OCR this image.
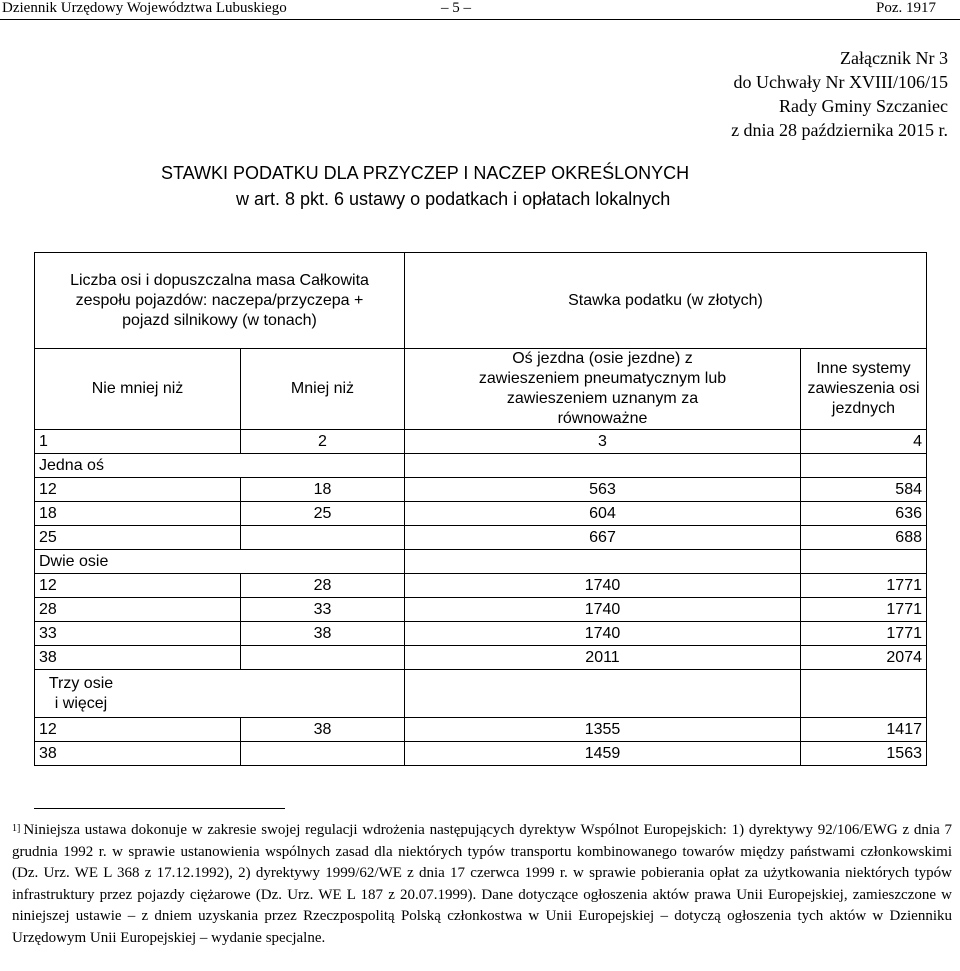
Dziennik Urzędowy Województwa Lubuskiego	– 5 –	Poz. 1917
Załącznik Nr 3
do Uchwały Nr XVIII/106/15
Rady Gminy Szczaniec
z dnia 28 października 2015 r.
STAWKI PODATKU DLA PRZYCZEP I NACZEP OKREŚLONYCH
w art. 8 pkt. 6 ustawy o podatkach i opłatach lokalnych
Liczba osi i dopuszczalna masa Całkowita zespołu pojazdów: naczepa/przyczepa + pojazd silnikowy (w tonach)		Stawka podatku (w złotych)	
Nie mniej niż	Mniej niż	Oś jezdna (osie jezdne) z zawieszeniem pneumatycznym lub zawieszeniem uznanym za równoważne	Inne systemy zawieszenia osi jezdnych
1	2	3	4
Jedna oś			
12	18	563	584
18	25	604	636
25		667	688
Dwie osie			
12	28	1740	1771
28	33	1740	1771
33	38	1740	1771
38		2011	2074

Trzy osie
i więcej			

12	38	1355	1417
38		1459	1563
$^{1]}$ Niniejsza ustawa dokonuje w zakresie swojej regulacji wdrożenia następujących dyrektyw Wspólnot Europejskich: 1) dyrektywy 92/106/EWG z dnia 7 grudnia 1992 r. w sprawie ustanowienia wspólnych zasad dla niektórych typów transportu kombinowanego towarów między państwami członkowskimi (Dz. Urz. WE L 368 z 17.12.1992), 2) dyrektywy 1999/62/WE z dnia 17 czerwca 1999 r. w sprawie pobierania opłat za użytkowania niektórych typów infrastruktury przez pojazdy ciężarowe (Dz. Urz. WE L 187 z 20.07.1999). Dane dotyczące ogłoszenia aktów prawa Unii Europejskiej, zamieszczone w niniejszej ustawie – z dniem uzyskania przez Rzeczpospolitą Polską członkostwa w Unii Europejskiej – dotyczą ogłoszenia tych aktów w Dzienniku Urzędowym Unii Europejskiej – wydanie specjalne.
